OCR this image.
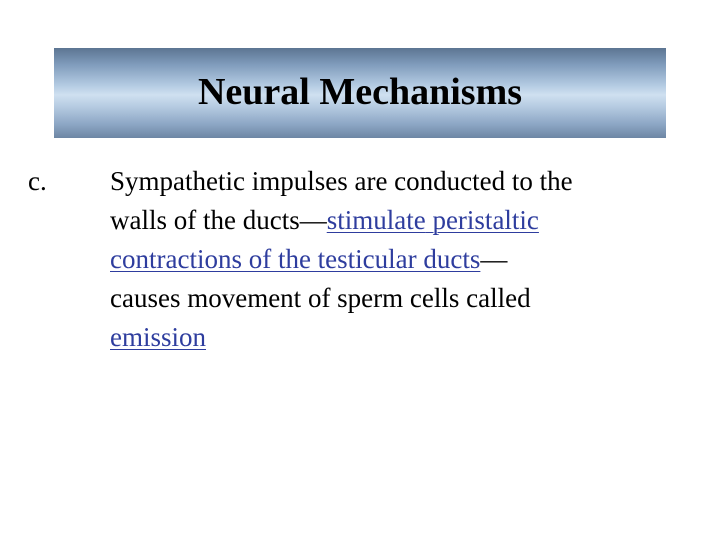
Neural Mechanisms
c. Sympathetic impulses are conducted to the
walls of the ducts—stimulate peristaltic
contractions of the testicular ducts—
causes movement of sperm cells called
emission
